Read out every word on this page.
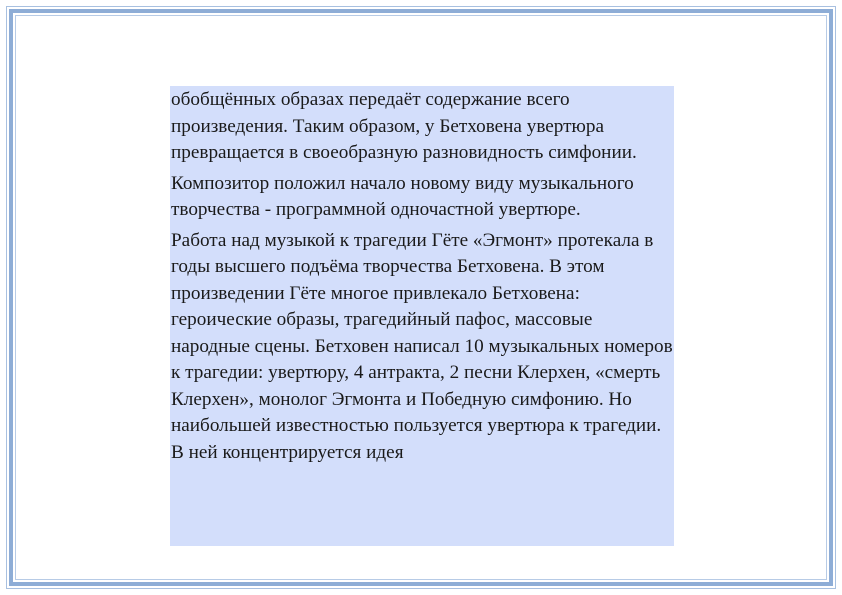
обобщённых образах передаёт содержание всего произведения. Таким образом, у Бетховена увертюра превращается в своеобразную разновидность симфонии.

Композитор положил начало новому виду музыкального творчества - программной одночастной увертюре.

Работа над музыкой к трагедии Гёте «Эгмонт» протекала в годы высшего подъёма творчества Бетховена. В этом произведении Гёте многое привлекало Бетховена: героические образы, трагедийный пафос, массовые народные сцены. Бетховен написал 10 музыкальных номеров к трагедии: увертюру, 4 антракта, 2 песни Клерхен, «смерть Клерхен», монолог Эгмонта и Победную симфонию. Но наибольшей известностью пользуется увертюра к трагедии. В ней концентрируется идея
